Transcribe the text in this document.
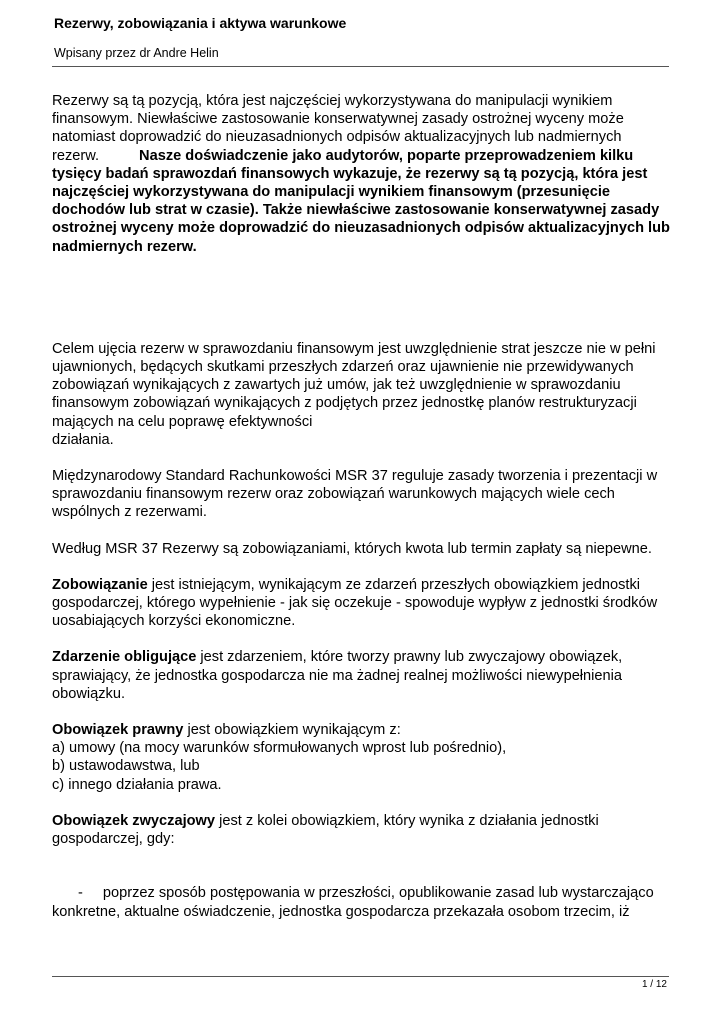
Rezerwy, zobowiązania i aktywa warunkowe
Wpisany przez dr Andre Helin

Rezerwy są tą pozycją, która jest najczęściej wykorzystywana do manipulacji wynikiem finansowym. Niewłaściwe zastosowanie konserwatywnej zasady ostrożnej wyceny może natomiast doprowadzić do nieuzasadnionych odpisów aktualizacyjnych lub nadmiernych rezerw.	Nasze doświadczenie jako audytorów, poparte przeprowadzeniem kilku tysięcy badań sprawozdań finansowych wykazuje, że rezerwy są tą pozycją, która jest najczęściej wykorzystywana do manipulacji wynikiem finansowym (przesunięcie dochodów lub strat w czasie). Także niewłaściwe zastosowanie konserwatywnej zasady ostrożnej wyceny może doprowadzić do nieuzasadnionych odpisów aktualizacyjnych lub nadmiernych rezerw.

Celem ujęcia rezerw w sprawozdaniu finansowym jest uwzględnienie strat jeszcze nie w pełni ujawnionych, będących skutkami przeszłych zdarzeń oraz ujawnienie nie przewidywanych zobowiązań wynikających z zawartych już umów, jak też uwzględnienie w sprawozdaniu finansowym zobowiązań wynikających z podjętych przez jednostkę planów restrukturyzacji mających na celu poprawę efektywności
działania.

Międzynarodowy Standard Rachunkowości MSR 37 reguluje zasady tworzenia i prezentacji w sprawozdaniu finansowym rezerw oraz zobowiązań warunkowych mających wiele cech wspólnych z rezerwami.

Według MSR 37 Rezerwy są zobowiązaniami, których kwota lub termin zapłaty są niepewne.

Zobowiązanie jest istniejącym, wynikającym ze zdarzeń przeszłych obowiązkiem jednostki gospodarczej, którego wypełnienie - jak się oczekuje - spowoduje wypływ z jednostki środków uosabiających korzyści ekonomiczne.

Zdarzenie obligujące jest zdarzeniem, które tworzy prawny lub zwyczajowy obowiązek, sprawiający, że jednostka gospodarcza nie ma żadnej realnej możliwości niewypełnienia obowiązku.

Obowiązek prawny jest obowiązkiem wynikającym z:
a) umowy (na mocy warunków sformułowanych wprost lub pośrednio),
b) ustawodawstwa, lub
c) innego działania prawa.

Obowiązek zwyczajowy jest z kolei obowiązkiem, który wynika z działania jednostki gospodarczej, gdy:

- poprzez sposób postępowania w przeszłości, opublikowanie zasad lub wystarczająco konkretne, aktualne oświadczenie, jednostka gospodarcza przekazała osobom trzecim, iż

1 / 12
